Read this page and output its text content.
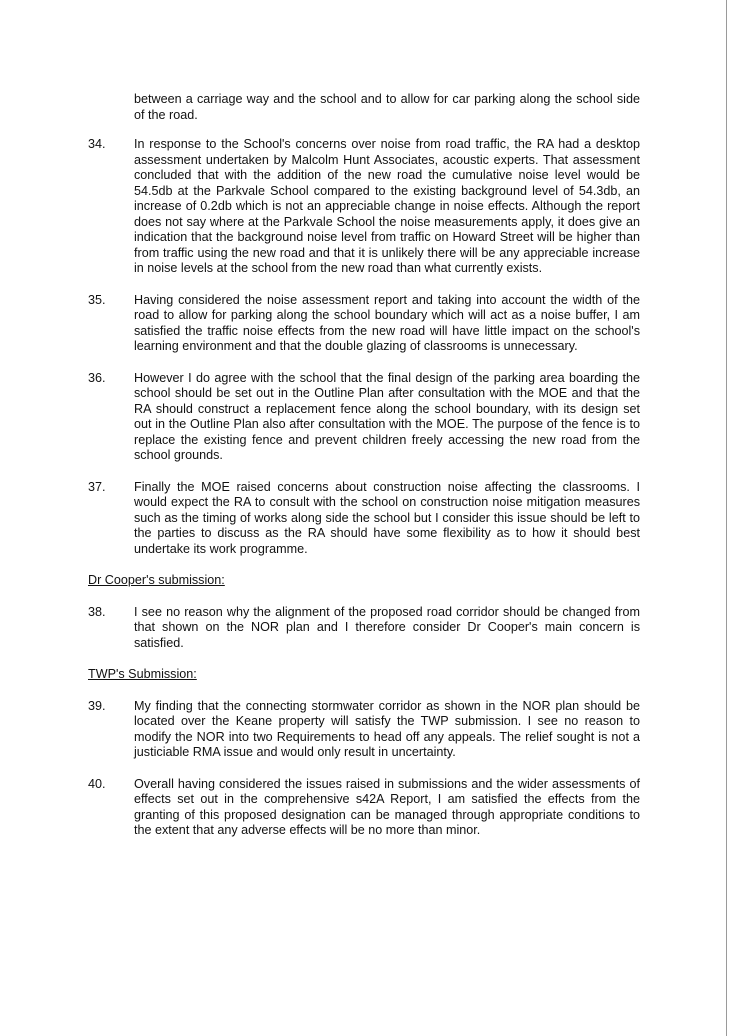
between a carriage way and the school and to allow for car parking along the school side of the road.
34. In response to the School's concerns over noise from road traffic, the RA had a desktop assessment undertaken by Malcolm Hunt Associates, acoustic experts. That assessment concluded that with the addition of the new road the cumulative noise level would be 54.5db at the Parkvale School compared to the existing background level of 54.3db, an increase of 0.2db which is not an appreciable change in noise effects. Although the report does not say where at the Parkvale School the noise measurements apply, it does give an indication that the background noise level from traffic on Howard Street will be higher than from traffic using the new road and that it is unlikely there will be any appreciable increase in noise levels at the school from the new road than what currently exists.
35. Having considered the noise assessment report and taking into account the width of the road to allow for parking along the school boundary which will act as a noise buffer, I am satisfied the traffic noise effects from the new road will have little impact on the school's learning environment and that the double glazing of classrooms is unnecessary.
36. However I do agree with the school that the final design of the parking area boarding the school should be set out in the Outline Plan after consultation with the MOE and that the RA should construct a replacement fence along the school boundary, with its design set out in the Outline Plan also after consultation with the MOE. The purpose of the fence is to replace the existing fence and prevent children freely accessing the new road from the school grounds.
37. Finally the MOE raised concerns about construction noise affecting the classrooms. I would expect the RA to consult with the school on construction noise mitigation measures such as the timing of works along side the school but I consider this issue should be left to the parties to discuss as the RA should have some flexibility as to how it should best undertake its work programme.
Dr Cooper's submission:
38. I see no reason why the alignment of the proposed road corridor should be changed from that shown on the NOR plan and I therefore consider Dr Cooper's main concern is satisfied.
TWP's Submission:
39. My finding that the connecting stormwater corridor as shown in the NOR plan should be located over the Keane property will satisfy the TWP submission. I see no reason to modify the NOR into two Requirements to head off any appeals. The relief sought is not a justiciable RMA issue and would only result in uncertainty.
40. Overall having considered the issues raised in submissions and the wider assessments of effects set out in the comprehensive s42A Report, I am satisfied the effects from the granting of this proposed designation can be managed through appropriate conditions to the extent that any adverse effects will be no more than minor.
